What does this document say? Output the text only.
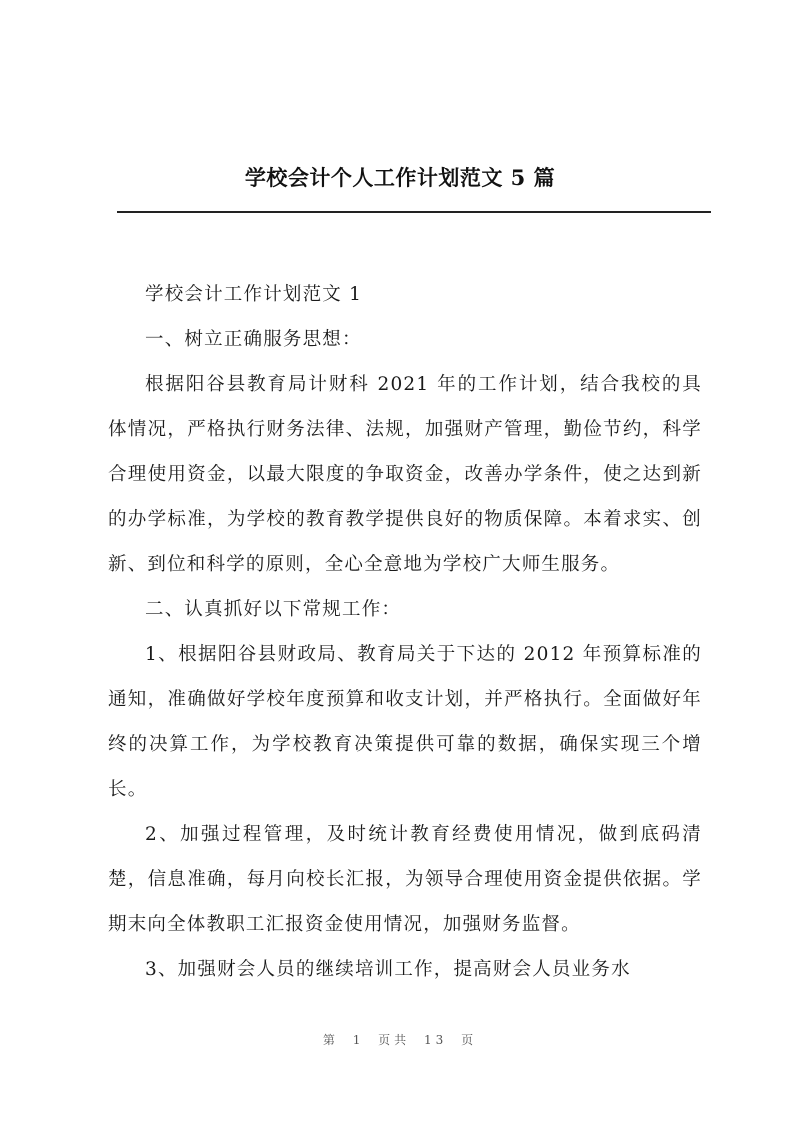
学校会计个人工作计划范文 5 篇

学校会计工作计划范文 1

一、树立正确服务思想：

根据阳谷县教育局计财科 2021 年的工作计划，结合我校的具体情况，严格执行财务法律、法规，加强财产管理，勤俭节约，科学合理使用资金，以最大限度的争取资金，改善办学条件，使之达到新的办学标准，为学校的教育教学提供良好的物质保障。本着求实、创新、到位和科学的原则，全心全意地为学校广大师生服务。

二、认真抓好以下常规工作：

1、根据阳谷县财政局、教育局关于下达的 2012 年预算标准的通知，准确做好学校年度预算和收支计划，并严格执行。全面做好年终的决算工作，为学校教育决策提供可靠的数据，确保实现三个增长。

2、加强过程管理，及时统计教育经费使用情况，做到底码清楚，信息准确，每月向校长汇报，为领导合理使用资金提供依据。学期末向全体教职工汇报资金使用情况，加强财务监督。

3、加强财会人员的继续培训工作，提高财会人员业务水

第 1 页共 13 页
